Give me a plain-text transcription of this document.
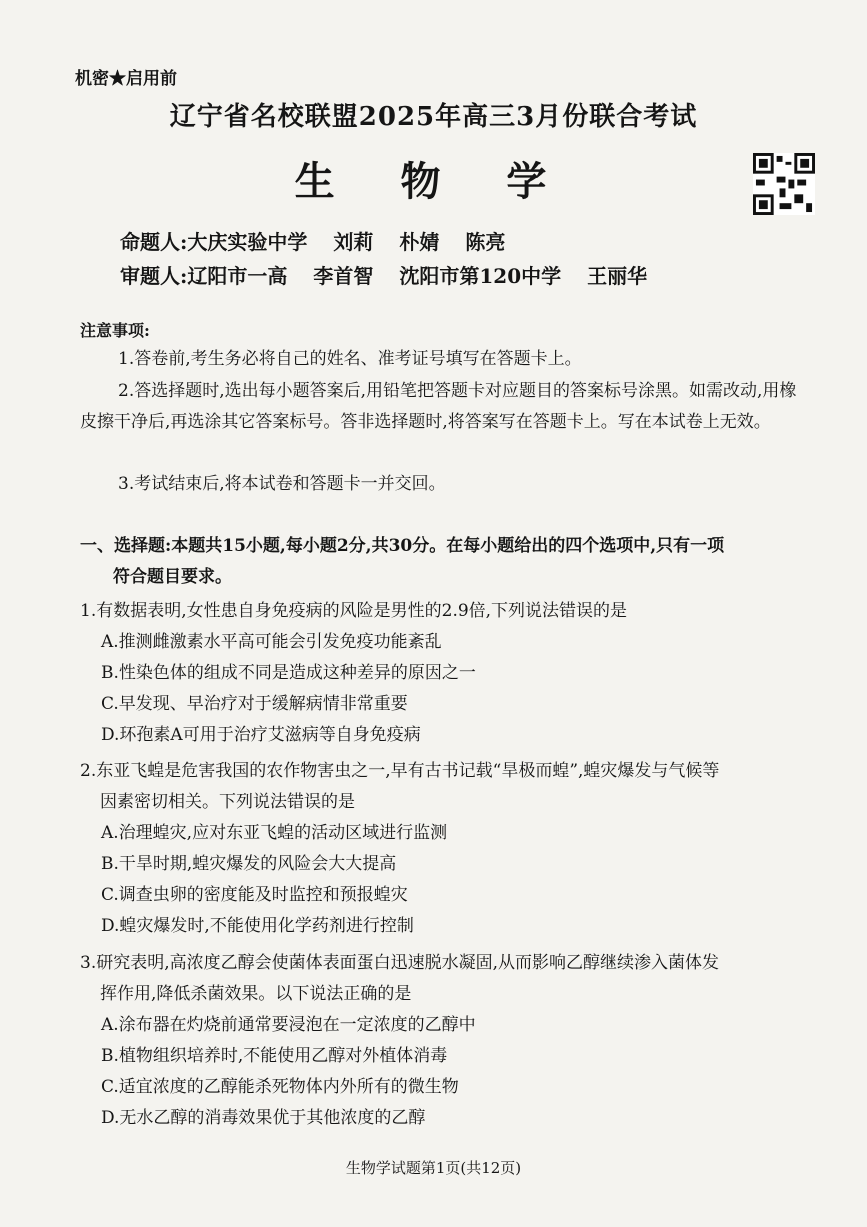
机密★启用前
辽宁省名校联盟2025年高三3月份联合考试
生 物 学
命题人:大庆实验中学 刘莉 朴婧 陈亮
审题人:辽阳市一高 李首智 沈阳市第120中学 王丽华
注意事项:
1.答卷前,考生务必将自己的姓名、准考证号填写在答题卡上。
2.答选择题时,选出每小题答案后,用铅笔把答题卡对应题目的答案标号涂黑。如需改动,用橡皮擦干净后,再选涂其它答案标号。答非选择题时,将答案写在答题卡上。写在本试卷上无效。
3.考试结束后,将本试卷和答题卡一并交回。
一、选择题:本题共15小题,每小题2分,共30分。在每小题给出的四个选项中,只有一项
符合题目要求。
1.有数据表明,女性患自身免疫病的风险是男性的2.9倍,下列说法错误的是
A.推测雌激素水平高可能会引发免疫功能紊乱
B.性染色体的组成不同是造成这种差异的原因之一
C.早发现、早治疗对于缓解病情非常重要
D.环孢素A可用于治疗艾滋病等自身免疫病
2.东亚飞蝗是危害我国的农作物害虫之一,早有古书记载“旱极而蝗”,蝗灾爆发与气候等
因素密切相关。下列说法错误的是
A.治理蝗灾,应对东亚飞蝗的活动区域进行监测
B.干旱时期,蝗灾爆发的风险会大大提高
C.调查虫卵的密度能及时监控和预报蝗灾
D.蝗灾爆发时,不能使用化学药剂进行控制
3.研究表明,高浓度乙醇会使菌体表面蛋白迅速脱水凝固,从而影响乙醇继续渗入菌体发
挥作用,降低杀菌效果。以下说法正确的是
A.涂布器在灼烧前通常要浸泡在一定浓度的乙醇中
B.植物组织培养时,不能使用乙醇对外植体消毒
C.适宜浓度的乙醇能杀死物体内外所有的微生物
D.无水乙醇的消毒效果优于其他浓度的乙醇
生物学试题第1页(共12页)
